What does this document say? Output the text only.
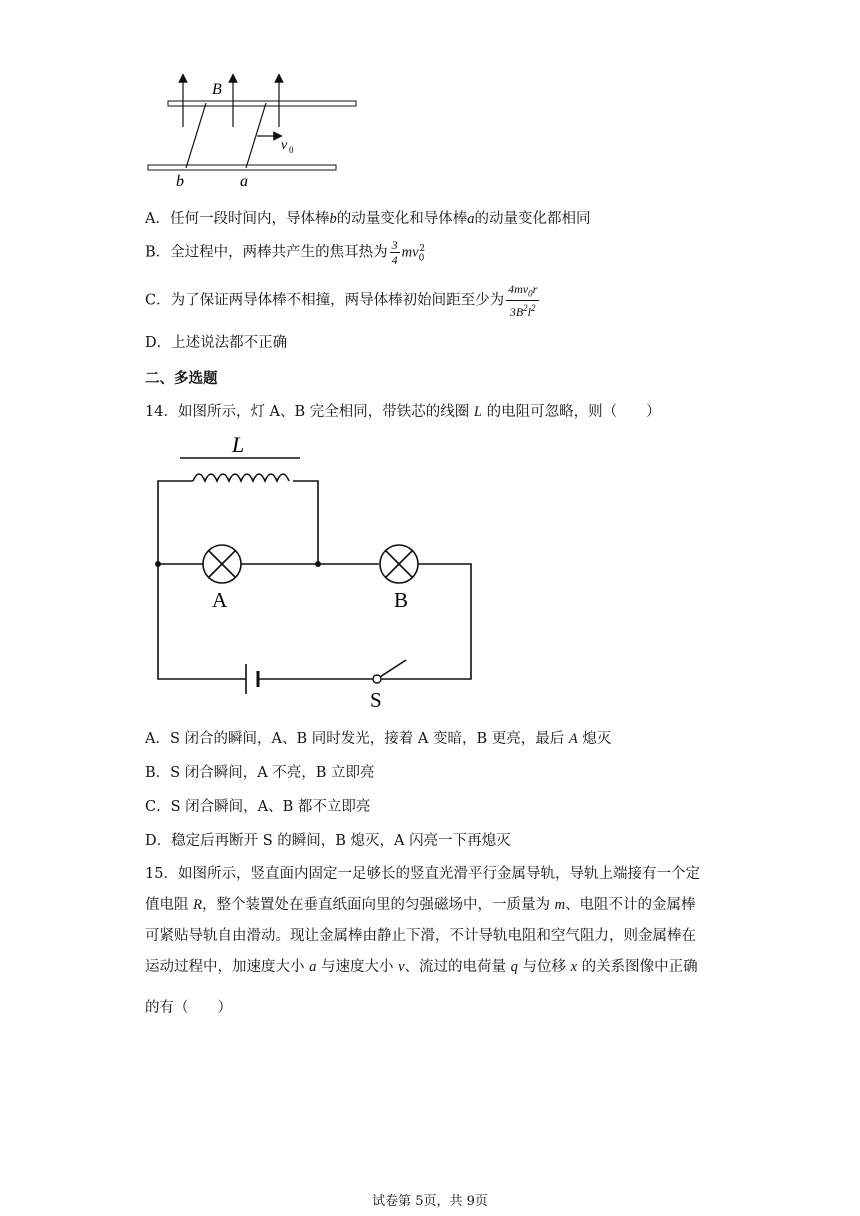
B
v 0
b	a
A．任何一段时间内，导体棒b的动量变化和导体棒a的动量变化都相同
B．全过程中，两棒共产生的焦耳热为 $\frac{3}{4} mv_0^2$
C．为了保证两导体棒不相撞，两导体棒初始间距至少为 $\frac{4mv_0r}{3B^2l^2}$
D．上述说法都不正确
二、多选题
14．如图所示，灯 A、B 完全相同，带铁芯的线圈 L 的电阻可忽略，则（　　）
L
A	B
S
A．S 闭合的瞬间，A、B 同时发光，接着 A 变暗，B 更亮，最后 A 熄灭
B．S 闭合瞬间，A 不亮，B 立即亮
C．S 闭合瞬间，A、B 都不立即亮
D．稳定后再断开 S 的瞬间，B 熄灭，A 闪亮一下再熄灭
15．如图所示，竖直面内固定一足够长的竖直光滑平行金属导轨，导轨上端接有一个定
值电阻 R，整个装置处在垂直纸面向里的匀强磁场中，一质量为 m、电阻不计的金属棒
可紧贴导轨自由滑动。现让金属棒由静止下滑，不计导轨电阻和空气阻力，则金属棒在
运动过程中，加速度大小 a 与速度大小 v、流过的电荷量 q 与位移 x 的关系图像中正确
的有（　　）
试卷第 5页，共 9页
